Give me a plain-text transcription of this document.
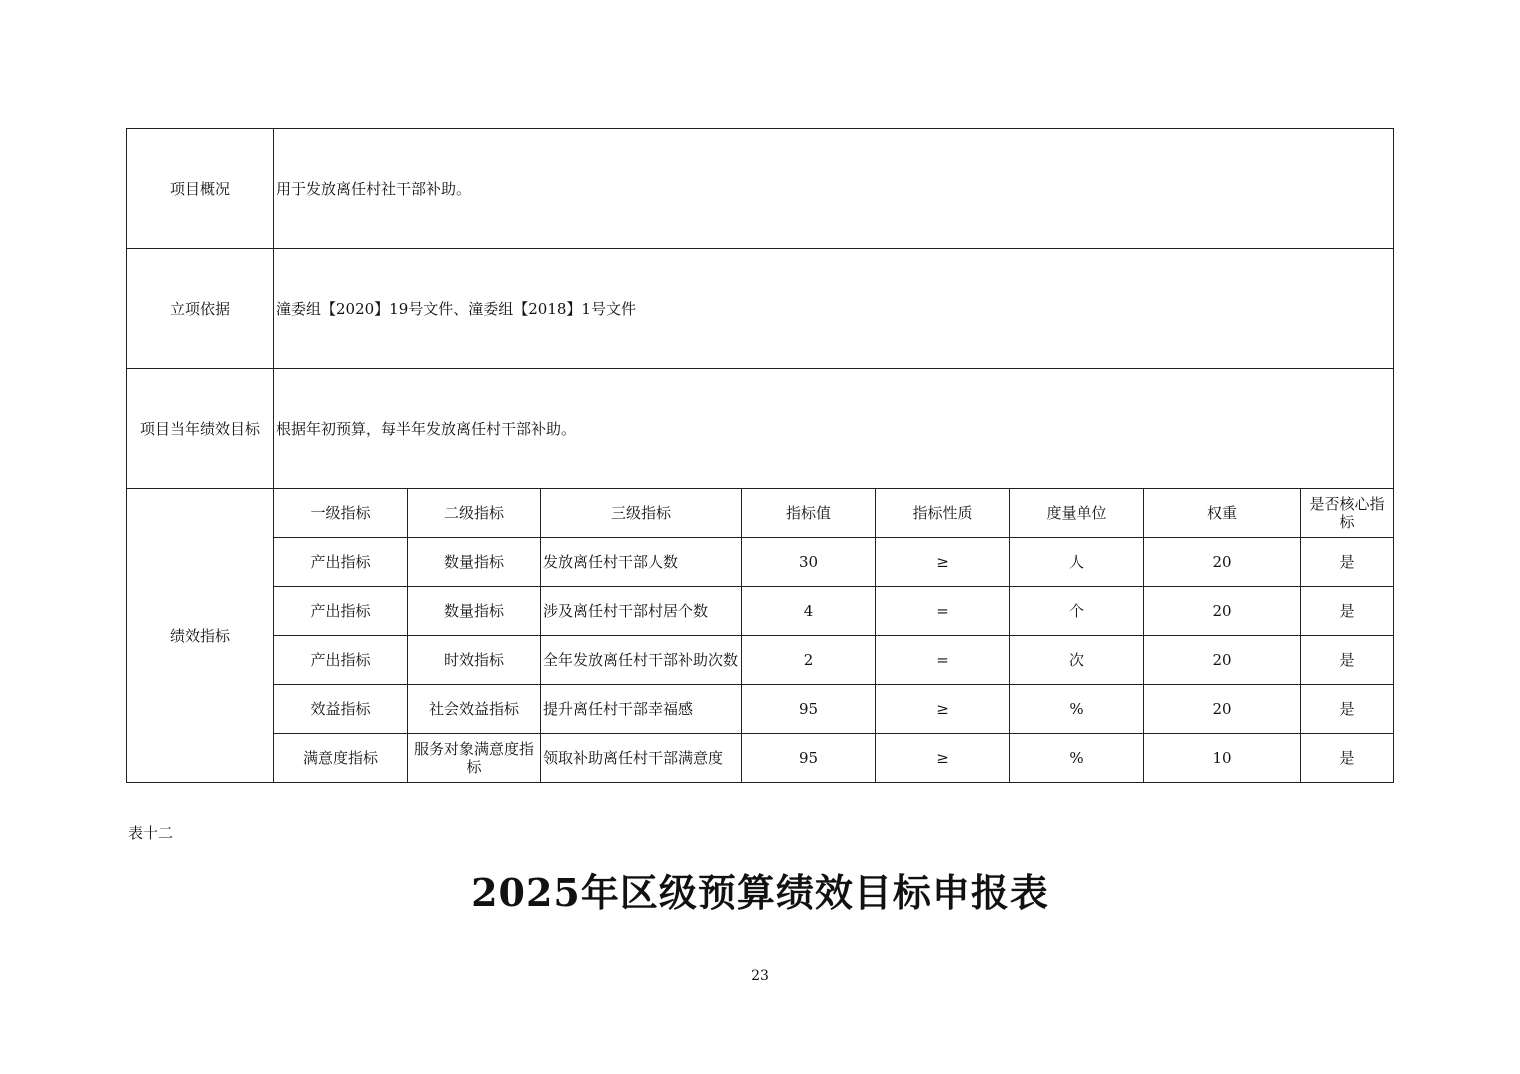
项目概况	用于发放离任村社干部补助。							
立项依据	潼委组【2020】19号文件、潼委组【2018】1号文件							
项目当年绩效目标	根据年初预算，每半年发放离任村干部补助。							
绩效指标	一级指标	二级指标	三级指标	指标值	指标性质	度量单位	权重	是否核心指标
	产出指标	数量指标	发放离任村干部人数	30	≥	人	20	是
	产出指标	数量指标	涉及离任村干部村居个数	4	=	个	20	是
	产出指标	时效指标	全年发放离任村干部补助次数	2	=	次	20	是
	效益指标	社会效益指标	提升离任村干部幸福感	95	≥	%	20	是
	满意度指标	服务对象满意度指标	领取补助离任村干部满意度	95	≥	%	10	是
表十二
2025年区级预算绩效目标申报表
23
